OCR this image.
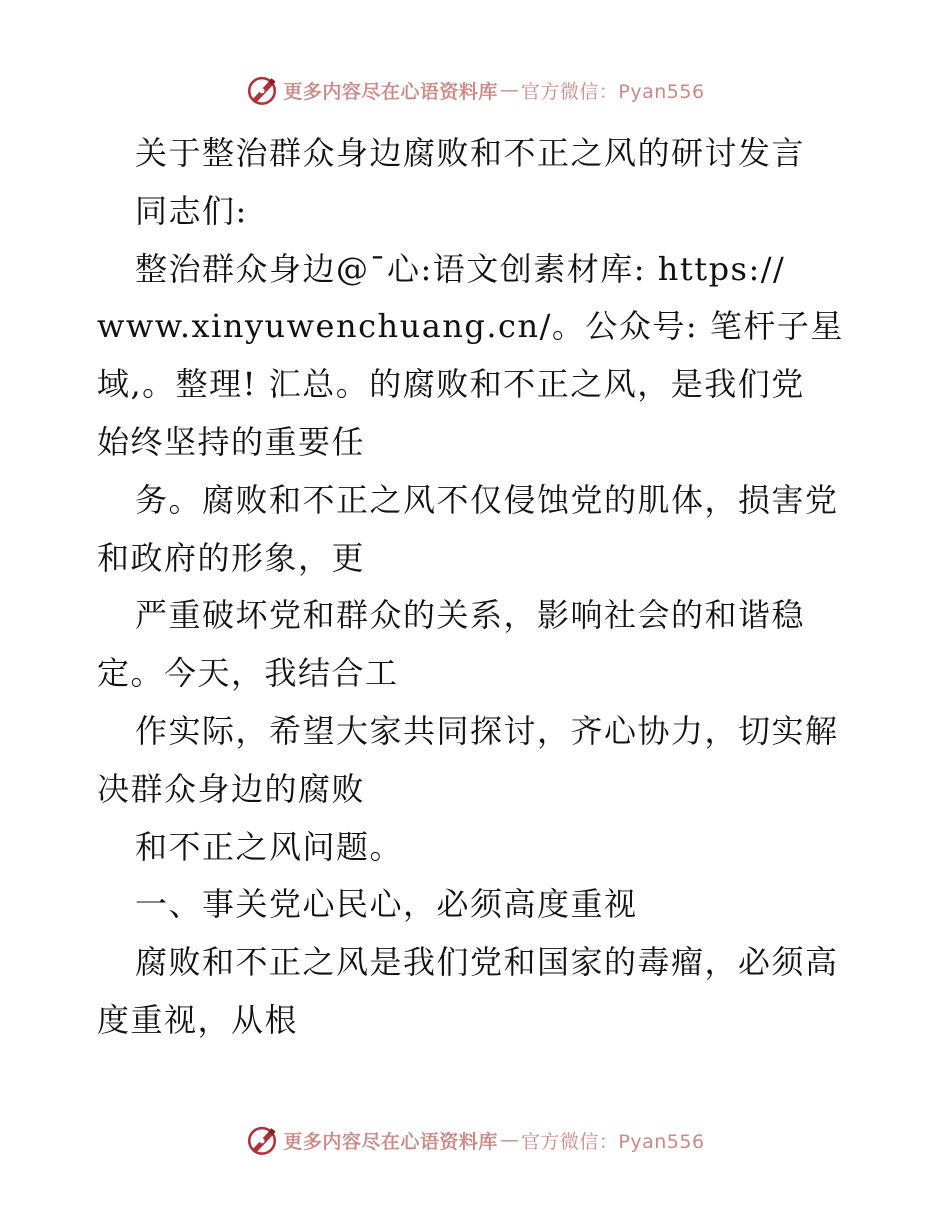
更多内容尽在心语资料库 — 官方微信：Pyan556
关于整治群众身边腐败和不正之风的研讨发言
同志们:
整治群众身边@¯心:语文创素材库: https://
www.xinyuwenchuang.cn/。公众号: 笔杆子星
域,。整理! 汇总。的腐败和不正之风，是我们党
始终坚持的重要任
务。腐败和不正之风不仅侵蚀党的肌体，损害党
和政府的形象，更
严重破坏党和群众的关系，影响社会的和谐稳
定。今天，我结合工
作实际，希望大家共同探讨，齐心协力，切实解
决群众身边的腐败
和不正之风问题。
一、事关党心民心，必须高度重视
腐败和不正之风是我们党和国家的毒瘤，必须高
度重视，从根
更多内容尽在心语资料库 — 官方微信：Pyan556
